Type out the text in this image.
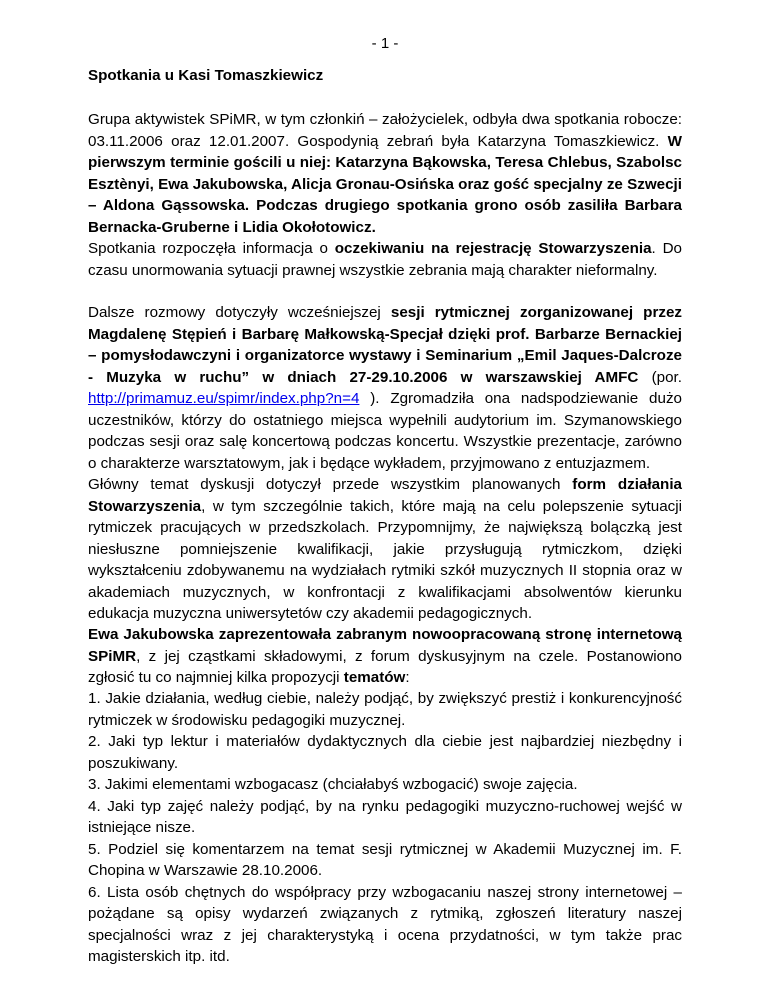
- 1 -
Spotkania u Kasi Tomaszkiewicz

Grupa aktywistek SPiMR, w tym członkiń – założycielek, odbyła dwa spotkania robocze: 03.11.2006 oraz 12.01.2007. Gospodynią zebrań była Katarzyna Tomaszkiewicz. W pierwszym terminie gościli u niej: Katarzyna Bąkowska, Teresa Chlebus, Szabolsc Esztènyi, Ewa Jakubowska, Alicja Gronau-Osińska oraz gość specjalny ze Szwecji – Aldona Gąssowska. Podczas drugiego spotkania grono osób zasiliła Barbara Bernacka-Gruberne i Lidia Okołotowicz.

Spotkania rozpoczęła informacja o oczekiwaniu na rejestrację Stowarzyszenia. Do czasu unormowania sytuacji prawnej wszystkie zebrania mają charakter nieformalny.

Dalsze rozmowy dotyczyły wcześniejszej sesji rytmicznej zorganizowanej przez Magdalenę Stępień i Barbarę Małkowską-Specjał dzięki prof. Barbarze Bernackiej – pomysłodawczyni i organizatorce wystawy i Seminarium „Emil Jaques-Dalcroze - Muzyka w ruchu” w dniach 27-29.10.2006 w warszawskiej AMFC (por. http://primamuz.eu/spimr/index.php?n=4 ). Zgromadziła ona nadspodziewanie dużo uczestników, którzy do ostatniego miejsca wypełnili audytorium im. Szymanowskiego podczas sesji oraz salę koncertową podczas koncertu. Wszystkie prezentacje, zarówno o charakterze warsztatowym, jak i będące wykładem, przyjmowano z entuzjazmem.

Główny temat dyskusji dotyczył przede wszystkim planowanych form działania Stowarzyszenia, w tym szczególnie takich, które mają na celu polepszenie sytuacji rytmiczek pracujących w przedszkolach. Przypomnijmy, że największą bolączką jest niesłuszne pomniejszenie kwalifikacji, jakie przysługują rytmiczkom, dzięki wykształceniu zdobywanemu na wydziałach rytmiki szkół muzycznych II stopnia oraz w akademiach muzycznych, w konfrontacji z kwalifikacjami absolwentów kierunku edukacja muzyczna uniwersytetów czy akademii pedagogicznych.

Ewa Jakubowska zaprezentowała zabranym nowoopracowaną stronę internetową SPiMR, z jej cząstkami składowymi, z forum dyskusyjnym na czele. Postanowiono zgłosić tu co najmniej kilka propozycji tematów:

1. Jakie działania, według ciebie, należy podjąć, by zwiększyć prestiż i konkurencyjność rytmiczek w środowisku pedagogiki muzycznej.

2. Jaki typ lektur i materiałów dydaktycznych dla ciebie jest najbardziej niezbędny i poszukiwany.

3. Jakimi elementami wzbogacasz (chciałabyś wzbogacić) swoje zajęcia.

4. Jaki typ zajęć należy podjąć, by na rynku pedagogiki muzyczno-ruchowej wejść w istniejące nisze.

5. Podziel się komentarzem na temat sesji rytmicznej w Akademii Muzycznej im. F. Chopina w Warszawie 28.10.2006.

6. Lista osób chętnych do współpracy przy wzbogacaniu naszej strony internetowej – pożądane są opisy wydarzeń związanych z rytmiką, zgłoszeń literatury naszej specjalności wraz z jej charakterystyką i ocena przydatności, w tym także prac magisterskich itp. itd.
